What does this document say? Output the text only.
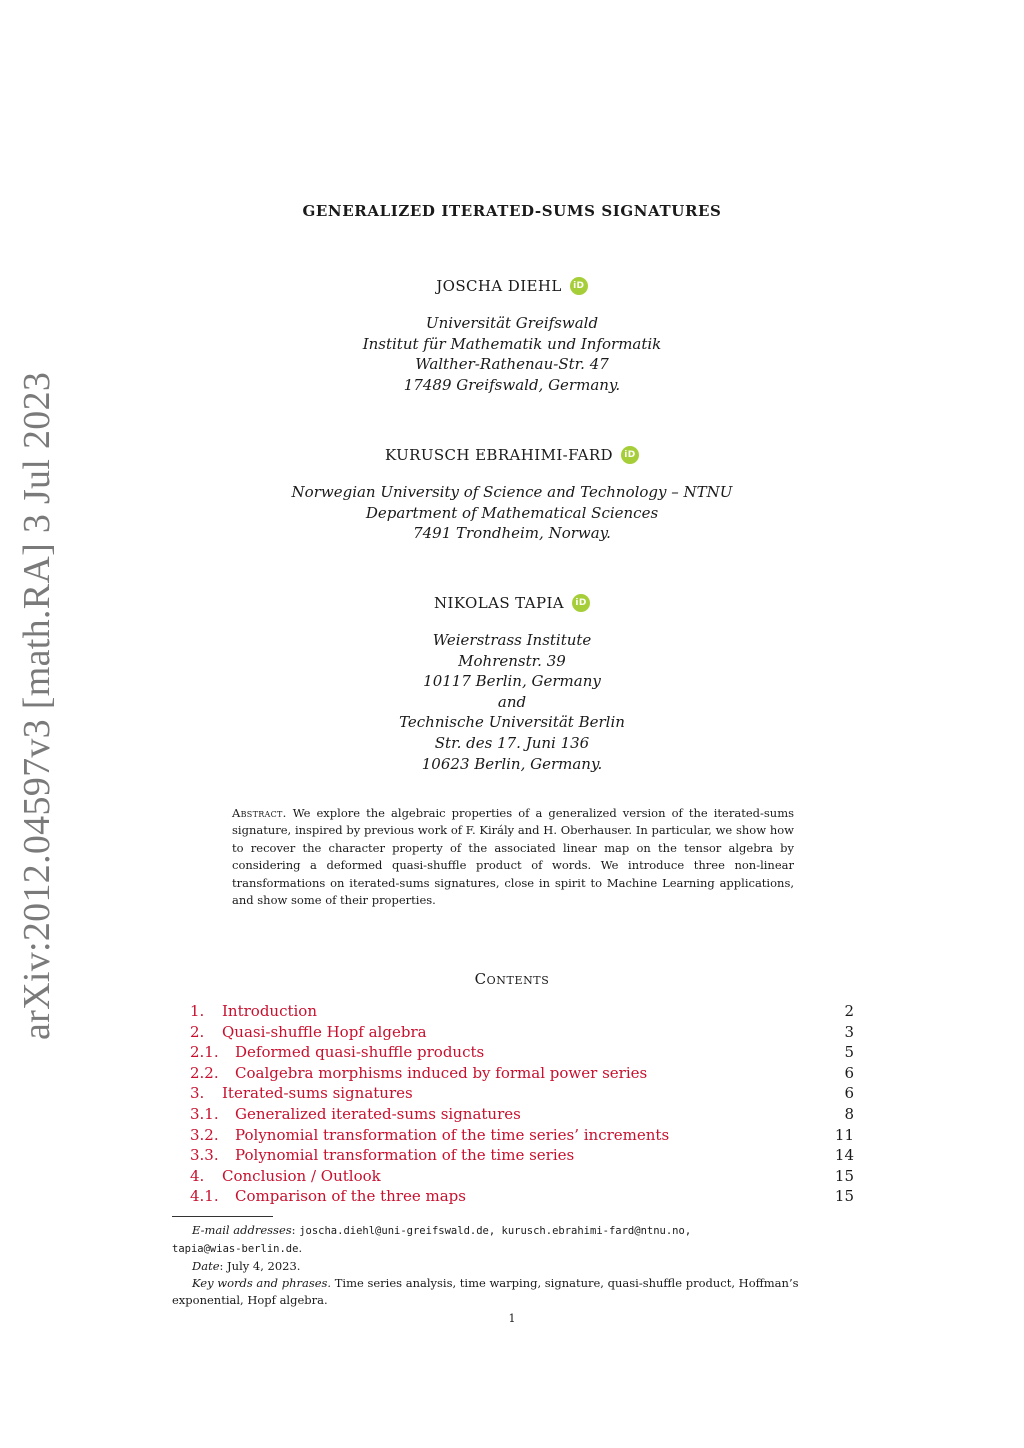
arXiv:2012.04597v3 [math.RA] 3 Jul 2023
GENERALIZED ITERATED-SUMS SIGNATURES
JOSCHA DIEHL	iD
Universität Greifswald
Institut für Mathematik und Informatik
Walther-Rathenau-Str. 47
17489 Greifswald, Germany.
KURUSCH EBRAHIMI-FARD	iD
Norwegian University of Science and Technology – NTNU
Department of Mathematical Sciences
7491 Trondheim, Norway.
NIKOLAS TAPIA	iD
Weierstrass Institute
Mohrenstr. 39
10117 Berlin, Germany
and
Technische Universität Berlin
Str. des 17. Juni 136
10623 Berlin, Germany.
Abstract. We explore the algebraic properties of a generalized version of the iterated-sums signature, inspired by previous work of F. Király and H. Oberhauser. In particular, we show how to recover the character property of the associated linear map on the tensor algebra by considering a deformed quasi-shuffle product of words. We introduce three non-linear transformations on iterated-sums signatures, close in spirit to Machine Learning applications, and show some of their properties.
Contents
1. Introduction	2
2. Quasi-shuffle Hopf algebra	3
2.1. Deformed quasi-shuffle products	5
2.2. Coalgebra morphisms induced by formal power series	6
3. Iterated-sums signatures	6
3.1. Generalized iterated-sums signatures	8
3.2. Polynomial transformation of the time series’ increments	11
3.3. Polynomial transformation of the time series	14
4. Conclusion / Outlook	15
4.1. Comparison of the three maps	15
E-mail addresses: joscha.diehl@uni-greifswald.de, kurusch.ebrahimi-fard@ntnu.no,
tapia@wias-berlin.de.
Date: July 4, 2023.
Key words and phrases. Time series analysis, time warping, signature, quasi-shuffle product, Hoffman’s exponential, Hopf algebra.
1
